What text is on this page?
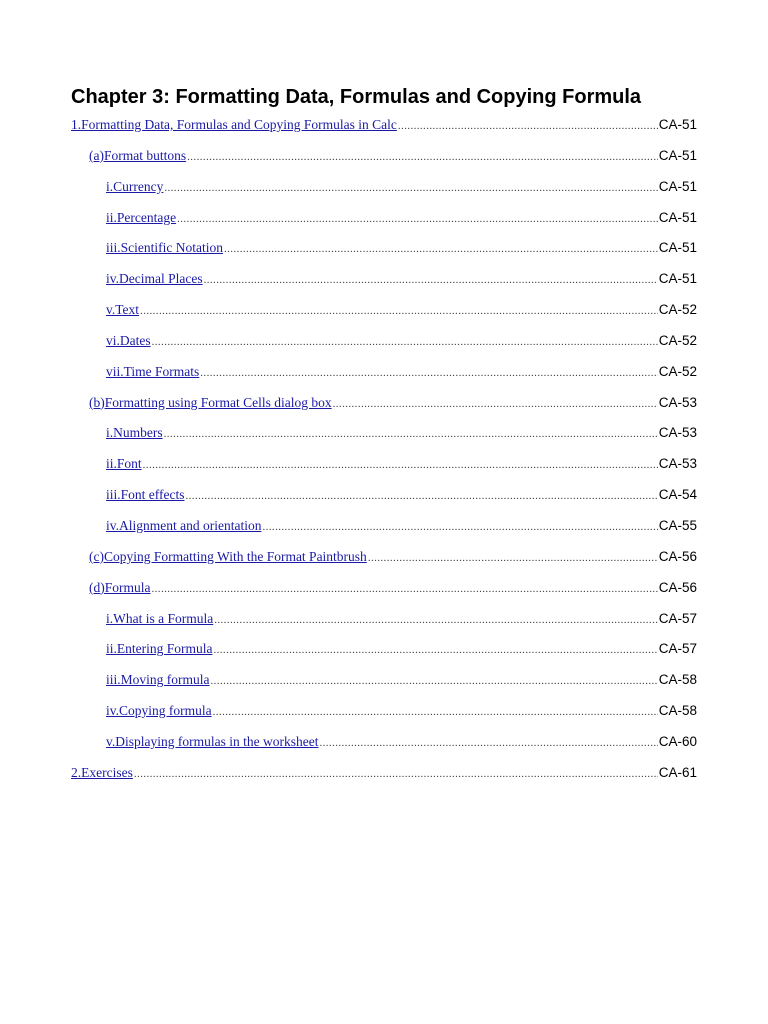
Chapter 3: Formatting Data, Formulas and Copying Formula
1.Formatting Data, Formulas and Copying Formulas in Calc .....	CA-51
(a)Format buttons .....	CA-51
i.Currency .....	CA-51
ii.Percentage .....	CA-51
iii.Scientific Notation .....	CA-51
iv.Decimal Places .....	CA-51
v.Text .....	CA-52
vi.Dates .....	CA-52
vii.Time Formats .....	CA-52
(b)Formatting using Format Cells dialog box .....	CA-53
i.Numbers .....	CA-53
ii.Font .....	CA-53
iii.Font effects .....	CA-54
iv.Alignment and orientation .....	CA-55
(c)Copying Formatting With the Format Paintbrush .....	CA-56
(d)Formula .....	CA-56
i.What is a Formula .....	CA-57
ii.Entering Formula .....	CA-57
iii.Moving formula .....	CA-58
iv.Copying formula .....	CA-58
v.Displaying formulas in the worksheet .....	CA-60
2.Exercises .....	CA-61
